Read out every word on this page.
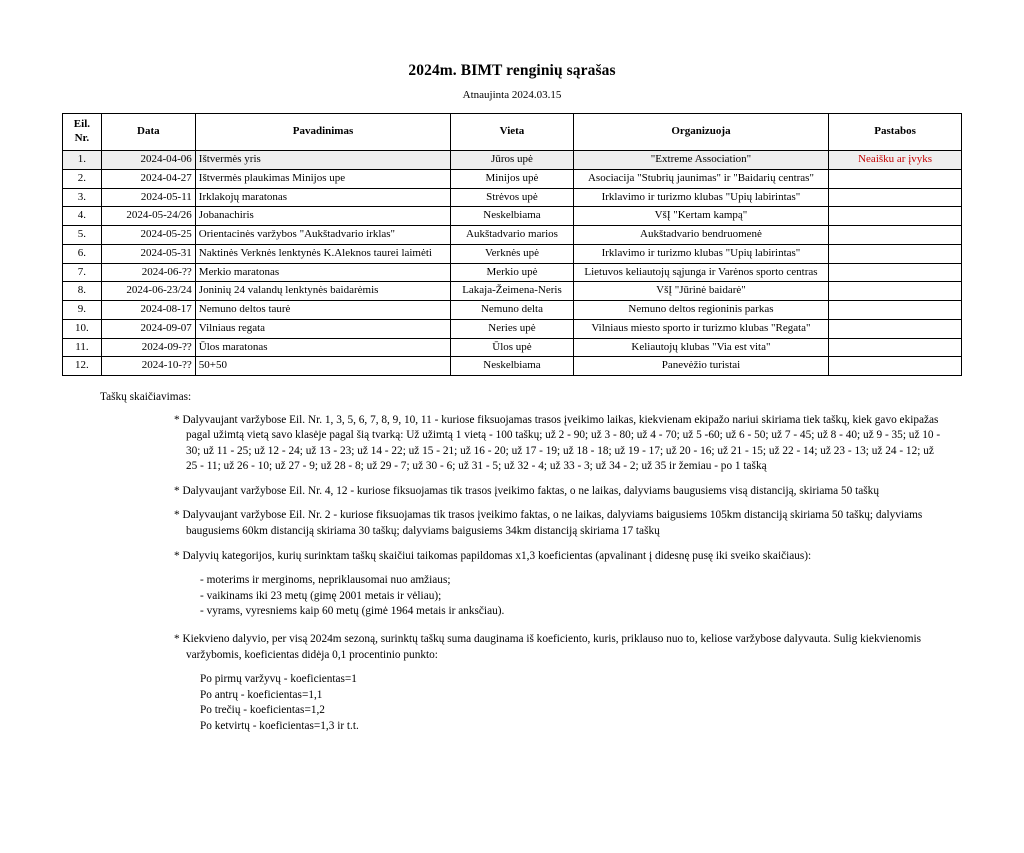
2024m. BIMT renginių sąrašas
Atnaujinta 2024.03.15
Eil.
Nr.	Data	Pavadinimas	Vieta	Organizuoja	Pastabos
1.	2024-04-06	Ištvermės yris	Jūros upė	"Extreme Association"	Neaišku ar įvyks
2.	2024-04-27	Ištvermės plaukimas Minijos upe	Minijos upė	Asociacija "Stubrių jaunimas" ir "Baidarių centras"	
3.	2024-05-11	Irklakojų maratonas	Strėvos upė	Irklavimo ir turizmo klubas "Upių labirintas"	
4.	2024-05-24/26	Jobanachiris	Neskelbiama	VšĮ "Kertam kampą"	
5.	2024-05-25	Orientacinės varžybos "Aukštadvario irklas"	Aukštadvario marios	Aukštadvario bendruomenė	
6.	2024-05-31	Naktinės Verknės lenktynės K.Aleknos taurei laimėti	Verknės upė	Irklavimo ir turizmo klubas "Upių labirintas"	
7.	2024-06-??	Merkio maratonas	Merkio upė	Lietuvos keliautojų sąjunga ir Varėnos sporto centras	
8.	2024-06-23/24	Joninių 24 valandų lenktynės baidarėmis	Lakaja-Žeimena-Neris	VšĮ "Jūrinė baidarė"	
9.	2024-08-17	Nemuno deltos taurė	Nemuno delta	Nemuno deltos regioninis parkas	
10.	2024-09-07	Vilniaus regata	Neries upė	Vilniaus miesto sporto ir turizmo klubas "Regata"	
11.	2024-09-??	Ūlos maratonas	Ūlos upė	Keliautojų klubas "Via est vita"	
12.	2024-10-??	50+50	Neskelbiama	Panevėžio turistai	
Taškų skaičiavimas:
* Dalyvaujant varžybose Eil. Nr. 1, 3, 5, 6, 7, 8, 9, 10, 11 - kuriose fiksuojamas trasos įveikimo laikas, kiekvienam ekipažo nariui skiriama tiek taškų, kiek gavo ekipažas
pagal užimtą vietą savo klasėje pagal šią tvarką: Už užimtą 1 vietą - 100 taškų; už 2 - 90; už 3 - 80; už 4 - 70; už 5 -60; už 6 - 50; už 7 - 45; už 8 - 40; už 9 - 35; už 10 -
30; už 11 - 25; už 12 - 24; už 13 - 23; už 14 - 22; už 15 - 21; už 16 - 20; už 17 - 19; už 18 - 18; už 19 - 17; už 20 - 16; už 21 - 15; už 22 - 14; už 23 - 13; už 24 - 12; už
25 - 11; už 26 - 10; už 27 - 9; už 28 - 8; už 29 - 7; už 30 - 6; už 31 - 5; už 32 - 4; už 33 - 3; už 34 - 2; už 35 ir žemiau - po 1 tašką
* Dalyvaujant varžybose Eil. Nr. 4, 12 - kuriose fiksuojamas tik trasos įveikimo faktas, o ne laikas, dalyviams baugusiems visą distanciją, skiriama 50 taškų
* Dalyvaujant varžybose Eil. Nr. 2 - kuriose fiksuojamas tik trasos įveikimo faktas, o ne laikas, dalyviams baigusiems 105km distanciją skiriama 50 taškų; dalyviams
baugusiems 60km distanciją skiriama 30 taškų; dalyviams baigusiems 34km distanciją skiriama 17 taškų
* Dalyvių kategorijos, kurių surinktam taškų skaičiui taikomas papildomas x1,3 koeficientas (apvalinant į didesnę pusę iki sveiko skaičiaus):
- moterims ir merginoms, nepriklausomai nuo amžiaus;
- vaikinams iki 23 metų (gimę 2001 metais ir vėliau);
- vyrams, vyresniems kaip 60 metų (gimė 1964 metais ir anksčiau).
* Kiekvieno dalyvio, per visą 2024m sezoną, surinktų taškų suma dauginama iš koeficiento, kuris, priklauso nuo to, keliose varžybose dalyvauta. Sulig kiekvienomis
varžybomis, koeficientas didėja 0,1 procentinio punkto:
Po pirmų varžyvų - koeficientas=1
Po antrų - koeficientas=1,1
Po trečių - koeficientas=1,2
Po ketvirtų - koeficientas=1,3 ir t.t.
